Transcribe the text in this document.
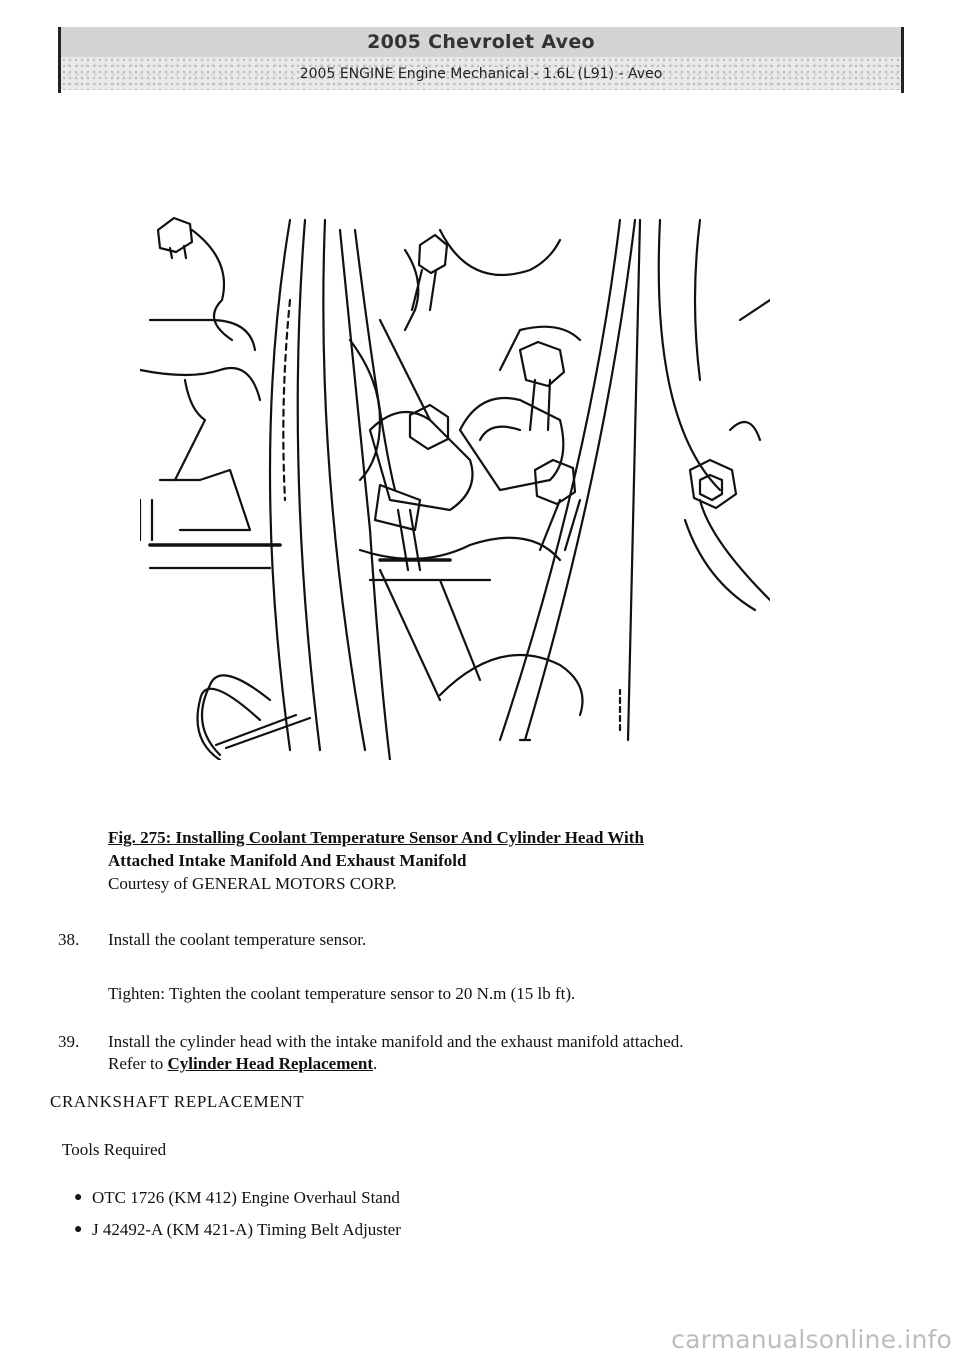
2005 Chevrolet Aveo
2005 ENGINE Engine Mechanical - 1.6L (L91) - Aveo
Fig. 275: Installing Coolant Temperature Sensor And Cylinder Head With
Attached Intake Manifold And Exhaust Manifold
Courtesy of GENERAL MOTORS CORP.
38. Install the coolant temperature sensor.
Tighten: Tighten the coolant temperature sensor to 20 N.m (15 lb ft).
39. Install the cylinder head with the intake manifold and the exhaust manifold attached.
Refer to Cylinder Head Replacement.
CRANKSHAFT REPLACEMENT
Tools Required
● OTC 1726 (KM 412) Engine Overhaul Stand
● J 42492-A (KM 421-A) Timing Belt Adjuster
carmanualsonline.info
